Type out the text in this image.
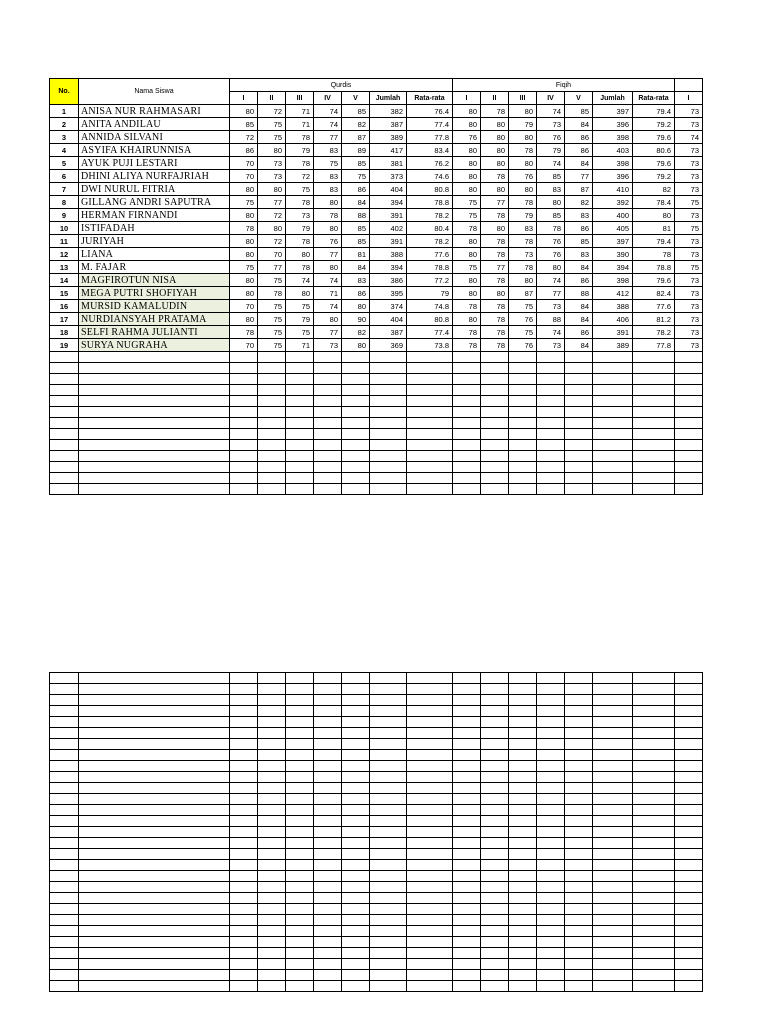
No.	Nama Siswa	Qurdis							Fiqih							
		I	II	III	IV	V	Jumlah	Rata-rata	I	II	III	IV	V	Jumlah	Rata-rata	I
1	ANISA NUR RAHMASARI	80	72	71	74	85	382	76.4	80	78	80	74	85	397	79.4	73
2	ANITA ANDILAU	85	75	71	74	82	387	77.4	80	80	79	73	84	396	79.2	73
3	ANNIDA SILVANI	72	75	78	77	87	389	77.8	76	80	80	76	86	398	79.6	74
4	ASYIFA KHAIRUNNISA	86	80	79	83	89	417	83.4	80	80	78	79	86	403	80.6	73
5	AYUK PUJI LESTARI	70	73	78	75	85	381	76.2	80	80	80	74	84	398	79.6	73
6	DHINI ALIYA NURFAJRIAH	70	73	72	83	75	373	74.6	80	78	76	85	77	396	79.2	73
7	DWI NURUL FITRIA	80	80	75	83	86	404	80.8	80	80	80	83	87	410	82	73
8	GILLANG ANDRI SAPUTRA	75	77	78	80	84	394	78.8	75	77	78	80	82	392	78.4	75
9	HERMAN FIRNANDI	80	72	73	78	88	391	78.2	75	78	79	85	83	400	80	73
10	ISTIFADAH	78	80	79	80	85	402	80.4	78	80	83	78	86	405	81	75
11	JURIYAH	80	72	78	76	85	391	78.2	80	78	78	76	85	397	79.4	73
12	LIANA	80	70	80	77	81	388	77.6	80	78	73	76	83	390	78	73
13	M. FAJAR	75	77	78	80	84	394	78.8	75	77	78	80	84	394	78.8	75
14	MAGFIROTUN NISA	80	75	74	74	83	386	77.2	80	78	80	74	86	398	79.6	73
15	MEGA PUTRI SHOFIYAH	80	78	80	71	86	395	79	80	80	87	77	88	412	82.4	73
16	MURSID KAMALUDIN	70	75	75	74	80	374	74.8	78	78	75	73	84	388	77.6	73
17	NURDIANSYAH PRATAMA	80	75	79	80	90	404	80.8	80	78	76	88	84	406	81.2	73
18	SELFI RAHMA JULIANTI	78	75	75	77	82	387	77.4	78	78	75	74	86	391	78.2	73
19	SURYA NUGRAHA	70	75	71	73	80	369	73.8	78	78	76	73	84	389	77.8	73
